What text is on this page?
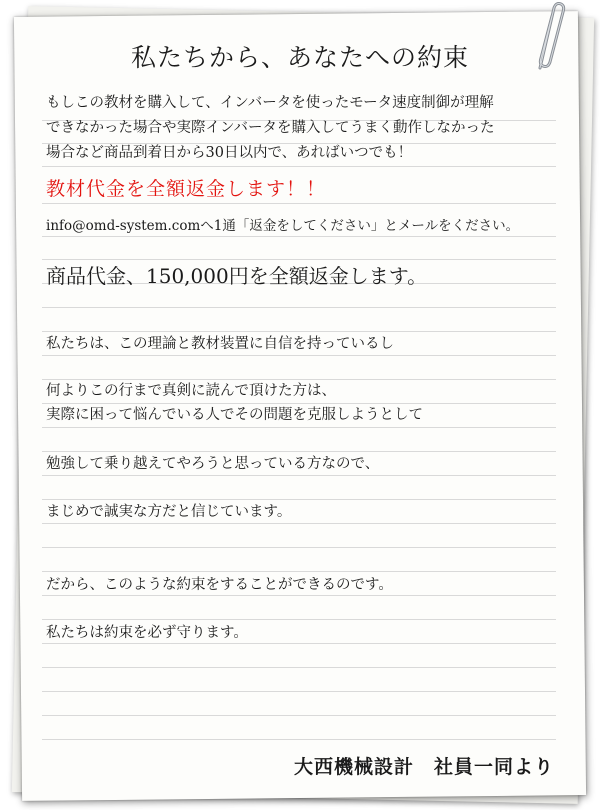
私たちから、あなたへの約束

もしこの教材を購入して、インバータを使ったモータ速度制御が理解

できなかった場合や実際インバータを購入してうまく動作しなかった

場合など商品到着日から30日以内で、あればいつでも！

教材代金を全額返金します！！

info@omd-system.comへ1通「返金をしてください」とメールをください。

商品代金、150,000円を全額返金します。

私たちは、この理論と教材装置に自信を持っているし

何よりこの行まで真剣に読んで頂けた方は、

実際に困って悩んでいる人でその問題を克服しようとして

勉強して乗り越えてやろうと思っている方なので、

まじめで誠実な方だと信じています。

だから、このような約束をすることができるのです。

私たちは約束を必ず守ります。

大西機械設計　社員一同より
